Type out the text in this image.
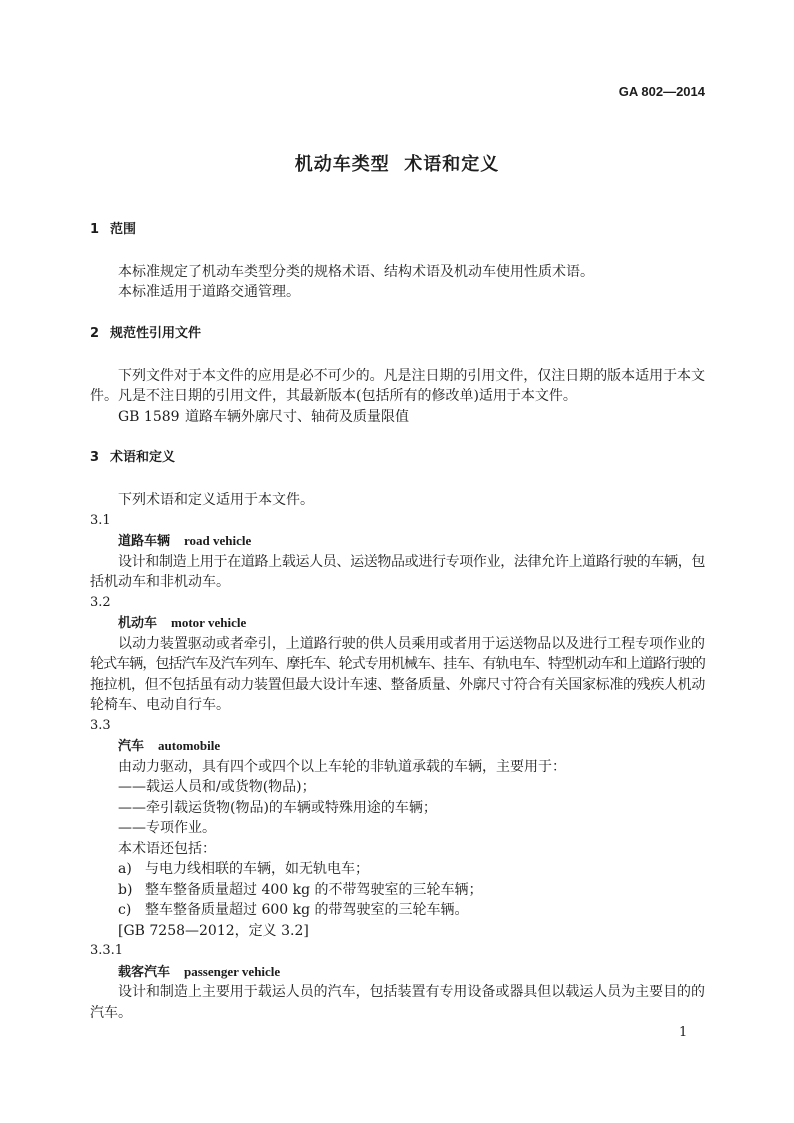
GA 802—2014
机动车类型  术语和定义
1 范围
本标准规定了机动车类型分类的规格术语、结构术语及机动车使用性质术语。
本标准适用于道路交通管理。
2 规范性引用文件
下列文件对于本文件的应用是必不可少的。凡是注日期的引用文件，仅注日期的版本适用于本文
件。凡是不注日期的引用文件，其最新版本(包括所有的修改单)适用于本文件。
GB 1589 道路车辆外廓尺寸、轴荷及质量限值
3 术语和定义
下列术语和定义适用于本文件。
3.1
道路车辆 road vehicle
设计和制造上用于在道路上载运人员、运送物品或进行专项作业，法律允许上道路行驶的车辆，包
括机动车和非机动车。
3.2
机动车 motor vehicle
以动力装置驱动或者牵引，上道路行驶的供人员乘用或者用于运送物品以及进行工程专项作业的
轮式车辆，包括汽车及汽车列车、摩托车、轮式专用机械车、挂车、有轨电车、特型机动车和上道路行驶的
拖拉机，但不包括虽有动力装置但最大设计车速、整备质量、外廓尺寸符合有关国家标准的残疾人机动
轮椅车、电动自行车。
3.3
汽车 automobile
由动力驱动，具有四个或四个以上车轮的非轨道承载的车辆，主要用于：
——载运人员和/或货物(物品)；
——牵引载运货物(物品)的车辆或特殊用途的车辆；
——专项作业。
本术语还包括：
a) 与电力线相联的车辆，如无轨电车；
b) 整车整备质量超过 400 kg 的不带驾驶室的三轮车辆；
c) 整车整备质量超过 600 kg 的带驾驶室的三轮车辆。
[GB 7258—2012，定义 3.2]
3.3.1
载客汽车 passenger vehicle
设计和制造上主要用于载运人员的汽车，包括装置有专用设备或器具但以载运人员为主要目的的
汽车。
1
